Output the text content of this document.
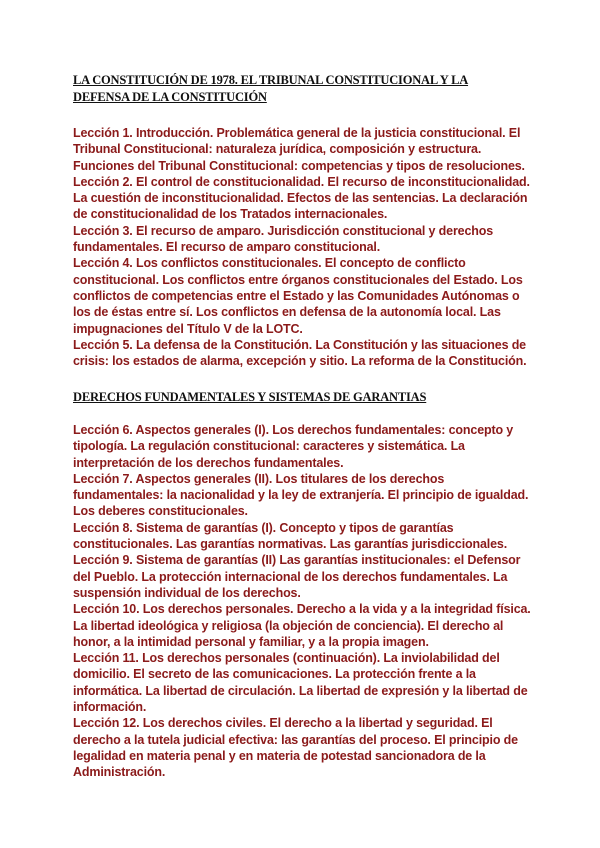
LA CONSTITUCIÓN DE 1978. EL TRIBUNAL CONSTITUCIONAL Y LA DEFENSA DE LA CONSTITUCIÓN

Lección 1. Introducción. Problemática general de la justicia constitucional. El Tribunal Constitucional: naturaleza jurídica, composición y estructura. Funciones del Tribunal Constitucional: competencias y tipos de resoluciones.

Lección 2. El control de constitucionalidad. El recurso de inconstitucionalidad. La cuestión de inconstitucionalidad. Efectos de las sentencias. La declaración de constitucionalidad de los Tratados internacionales.

Lección 3. El recurso de amparo. Jurisdicción constitucional y derechos fundamentales. El recurso de amparo constitucional.

Lección 4. Los conflictos constitucionales. El concepto de conflicto constitucional. Los conflictos entre órganos constitucionales del Estado. Los conflictos de competencias entre el Estado y las Comunidades Autónomas o los de éstas entre sí. Los conflictos en defensa de la autonomía local. Las impugnaciones del Título V de la LOTC.

Lección 5. La defensa de la Constitución. La Constitución y las situaciones de crisis: los estados de alarma, excepción y sitio. La reforma de la Constitución.

DERECHOS FUNDAMENTALES Y SISTEMAS DE GARANTIAS

Lección 6. Aspectos generales (I). Los derechos fundamentales: concepto y tipología. La regulación constitucional: caracteres y sistemática. La interpretación de los derechos fundamentales.

Lección 7. Aspectos generales (II). Los titulares de los derechos fundamentales: la nacionalidad y la ley de extranjería. El principio de igualdad. Los deberes constitucionales.

Lección 8. Sistema de garantías (I). Concepto y tipos de garantías constitucionales. Las garantías normativas. Las garantías jurisdiccionales.

Lección 9. Sistema de garantías (II) Las garantías institucionales: el Defensor del Pueblo. La protección internacional de los derechos fundamentales. La suspensión individual de los derechos.

Lección 10. Los derechos personales. Derecho a la vida y a la integridad física. La libertad ideológica y religiosa (la objeción de conciencia). El derecho al honor, a la intimidad personal y familiar, y a la propia imagen.

Lección 11. Los derechos personales (continuación). La inviolabilidad del domicilio. El secreto de las comunicaciones. La protección frente a la informática. La libertad de circulación. La libertad de expresión y la libertad de información.

Lección 12. Los derechos civiles. El derecho a la libertad y seguridad. El derecho a la tutela judicial efectiva: las garantías del proceso. El principio de legalidad en materia penal y en materia de potestad sancionadora de la Administración.
